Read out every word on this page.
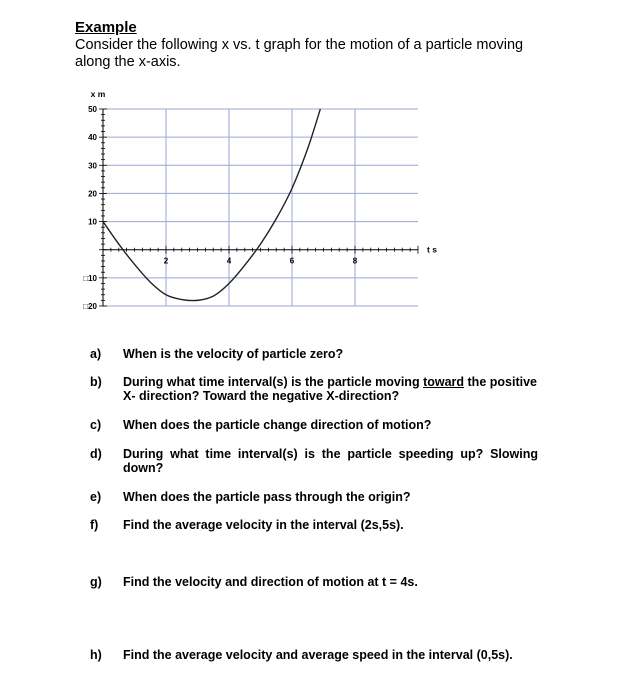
Example
Consider the following x vs. t graph for the motion of a particle moving along the x-axis.
2	4	6	8
50
40
30
20
10
□10
□20
x m
t s
a) When is the velocity of particle zero?
b) During what time interval(s) is the particle moving toward the positive X- direction? Toward the negative X-direction?
c) When does the particle change direction of motion?
d) During what time interval(s) is the particle speeding up? Slowing down?
e) When does the particle pass through the origin?
f) Find the average velocity in the interval (2s,5s).
g) Find the velocity and direction of motion at t = 4s.
h) Find the average velocity and average speed in the interval (0,5s).
